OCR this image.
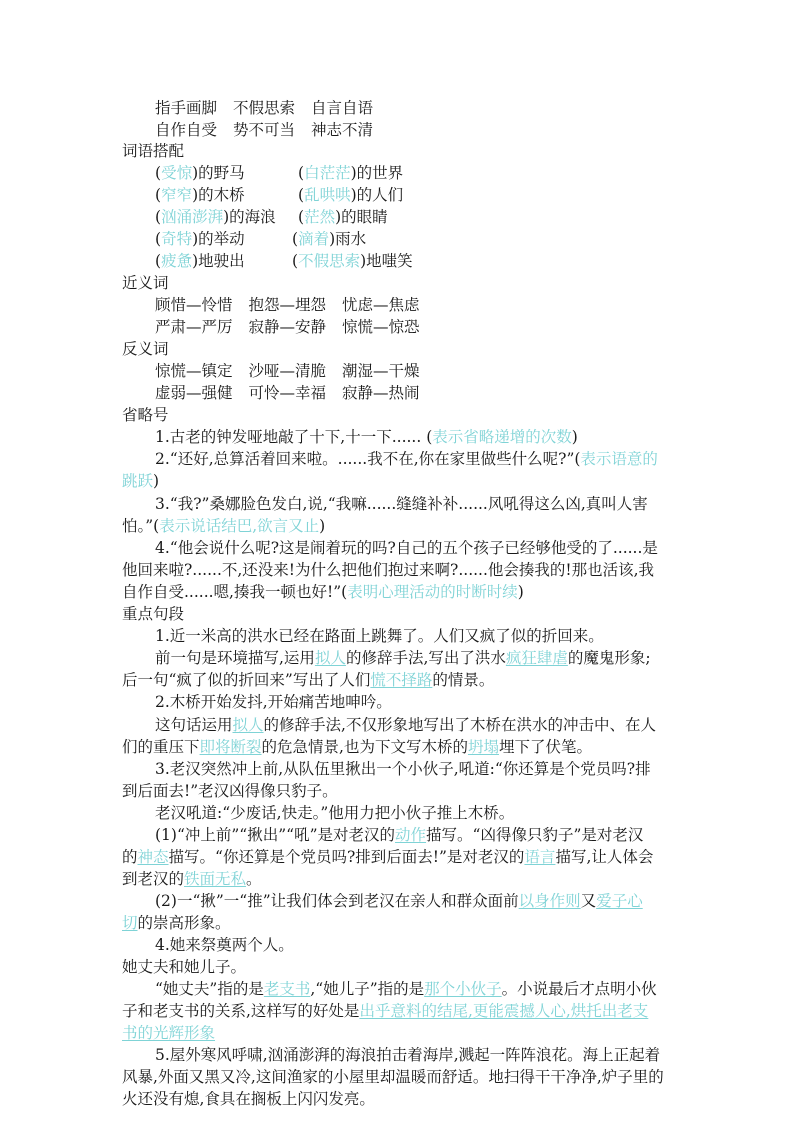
指手画脚 不假思索 自言自语
自作自受 势不可当 神志不清
词语搭配
(受惊)的野马	(白茫茫)的世界
(窄窄)的木桥	(乱哄哄)的人们
(汹涌澎湃)的海浪 (茫然)的眼睛
(奇特)的举动	(滴着)雨水
(疲惫)地驶出	(不假思索)地嗤笑
近义词
顾惜—怜惜 抱怨—埋怨 忧虑—焦虑
严肃—严厉 寂静—安静 惊慌—惊恐
反义词
惊慌—镇定 沙哑—清脆 潮湿—干燥
虚弱—强健 可怜—幸福 寂静—热闹
省略号
1.古老的钟发哑地敲了十下,十一下...... (表示省略递增的次数)
2.“还好,总算活着回来啦。......我不在,你在家里做些什么呢?”(表示语意的
跳跃)
3.“我?”桑娜脸色发白,说,“我嘛......缝缝补补......风吼得这么凶,真叫人害
怕。”(表示说话结巴,欲言又止)
4.“他会说什么呢?这是闹着玩的吗?自己的五个孩子已经够他受的了......是
他回来啦?......不,还没来!为什么把他们抱过来啊?......他会揍我的!那也活该,我
自作自受......嗯,揍我一顿也好!”(表明心理活动的时断时续)
重点句段
1.近一米高的洪水已经在路面上跳舞了。人们又疯了似的折回来。
前一句是环境描写,运用拟人的修辞手法,写出了洪水疯狂肆虐的魔鬼形象;
后一句“疯了似的折回来”写出了人们慌不择路的情景。
2.木桥开始发抖,开始痛苦地呻吟。
这句话运用拟人的修辞手法,不仅形象地写出了木桥在洪水的冲击中、在人
们的重压下即将断裂的危急情景,也为下文写木桥的坍塌埋下了伏笔。
3.老汉突然冲上前,从队伍里揪出一个小伙子,吼道:“你还算是个党员吗?排
到后面去!”老汉凶得像只豹子。
老汉吼道:“少废话,快走。”他用力把小伙子推上木桥。
(1)“冲上前”“揪出”“吼”是对老汉的动作描写。“凶得像只豹子”是对老汉
的神态描写。“你还算是个党员吗?排到后面去!”是对老汉的语言描写,让人体会
到老汉的铁面无私。
(2)一“揪”一“推”让我们体会到老汉在亲人和群众面前以身作则又爱子心
切的崇高形象。
4.她来祭奠两个人。
她丈夫和她儿子。
“她丈夫”指的是老支书,“她儿子”指的是那个小伙子。小说最后才点明小伙
子和老支书的关系,这样写的好处是出乎意料的结尾,更能震撼人心,烘托出老支
书的光辉形象
5.屋外寒风呼啸,汹涌澎湃的海浪拍击着海岸,溅起一阵阵浪花。海上正起着
风暴,外面又黑又冷,这间渔家的小屋里却温暖而舒适。地扫得干干净净,炉子里的
火还没有熄,食具在搁板上闪闪发亮。
